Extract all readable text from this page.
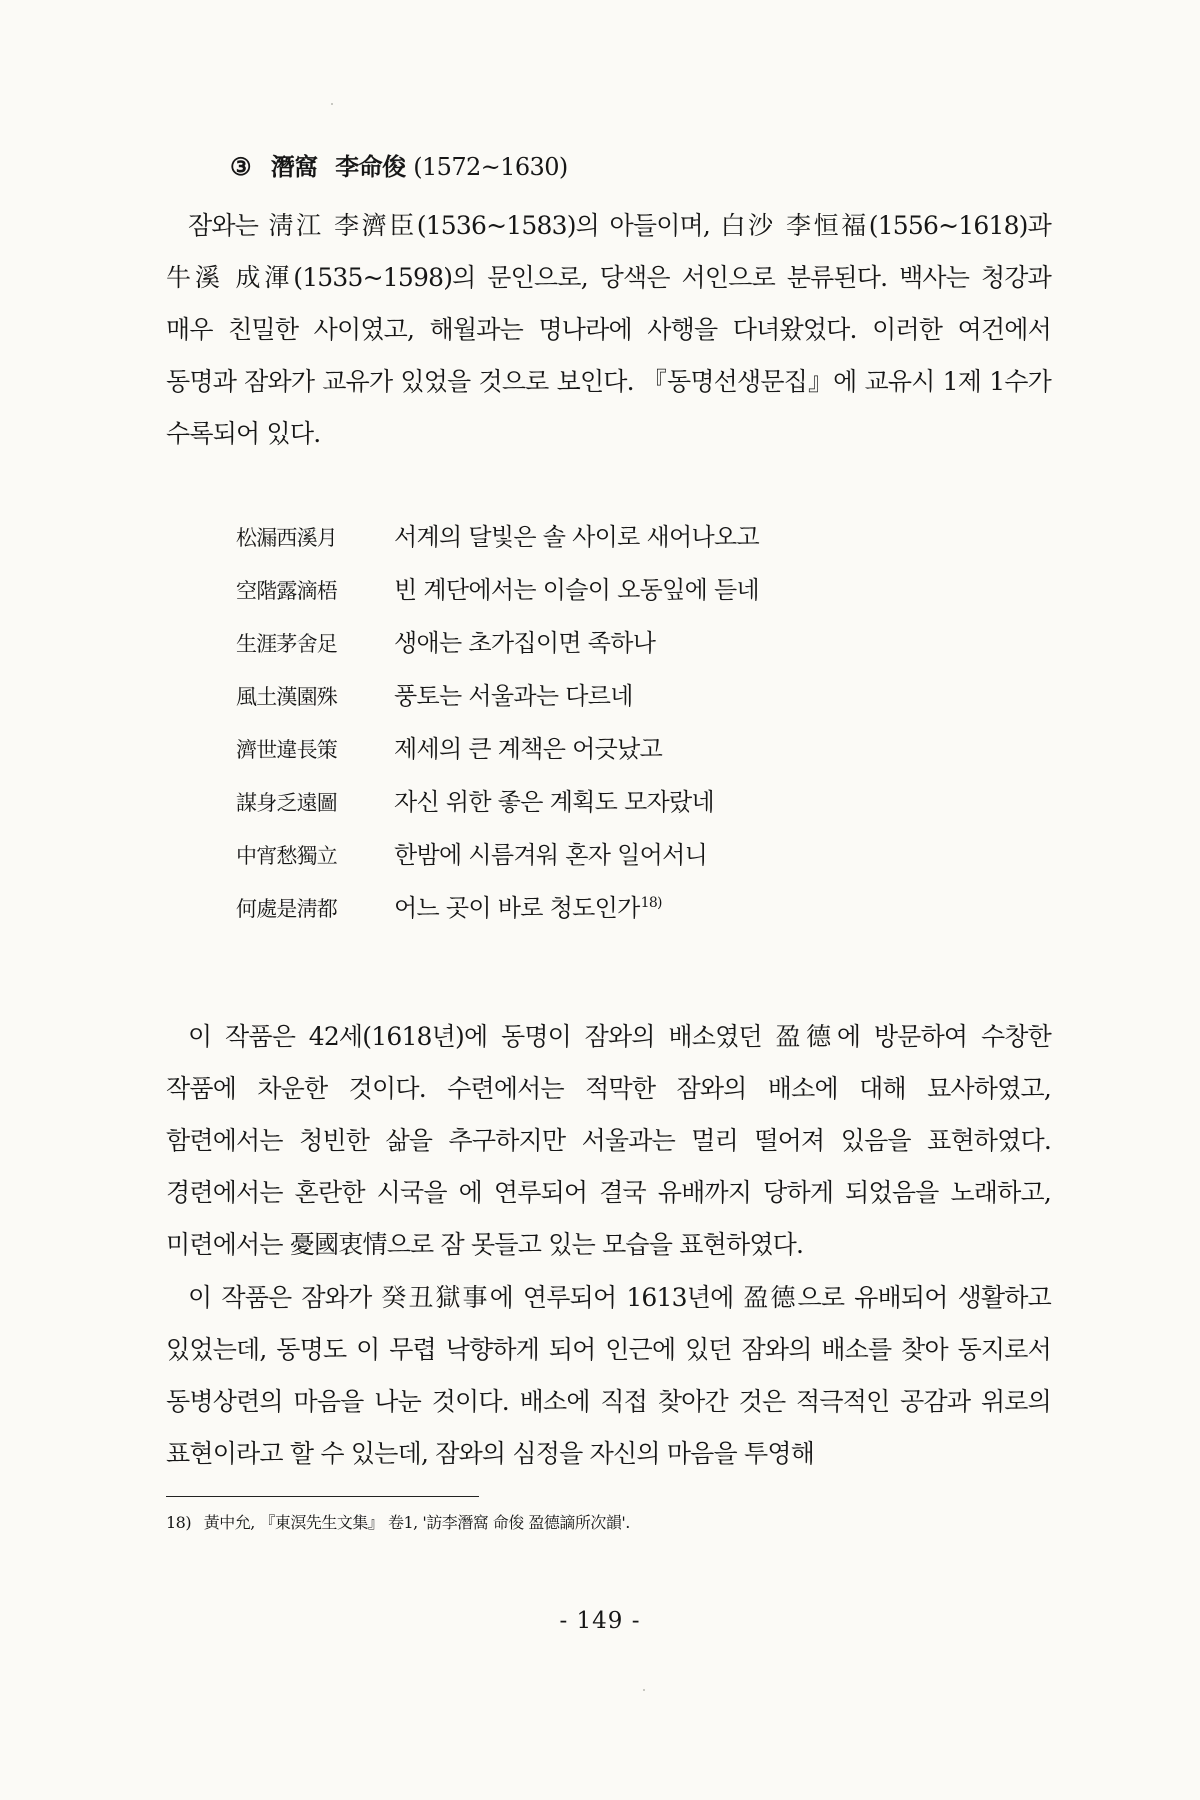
③ 潛窩 李命俊 (1572~1630)

잠와는 淸江 李濟臣(1536~1583)의 아들이며, 白沙 李恒福(1556~1618)과 牛溪 成渾(1535~1598)의 문인으로, 당색은 서인으로 분류된다. 백사는 청강과 매우 친밀한 사이였고, 해월과는 명나라에 사행을 다녀왔었다. 이러한 여건에서 동명과 잠와가 교유가 있었을 것으로 보인다. 『동명선생문집』에 교유시 1제 1수가 수록되어 있다.

松漏西溪月	서계의 달빛은 솔 사이로 새어나오고
空階露滴梧	빈 계단에서는 이슬이 오동잎에 듣네
生涯茅舍足	생애는 초가집이면 족하나
風土漢園殊	풍토는 서울과는 다르네
濟世違長策	제세의 큰 계책은 어긋났고
謀身乏遠圖	자신 위한 좋은 계획도 모자랐네
中宵愁獨立	한밤에 시름겨워 혼자 일어서니
何處是淸都	어느 곳이 바로 청도인가$^{18)}$

이 작품은 42세(1618년)에 동명이 잠와의 배소였던 盈德에 방문하여 수창한 작품에 차운한 것이다. 수련에서는 적막한 잠와의 배소에 대해 묘사하였고, 함련에서는 청빈한 삶을 추구하지만 서울과는 멀리 떨어져 있음을 표현하였다. 경련에서는 혼란한 시국을 에 연루되어 결국 유배까지 당하게 되었음을 노래하고, 미련에서는 憂國衷情으로 잠 못들고 있는 모습을 표현하였다.

이 작품은 잠와가 癸丑獄事에 연루되어 1613년에 盈德으로 유배되어 생활하고 있었는데, 동명도 이 무렵 낙향하게 되어 인근에 있던 잠와의 배소를 찾아 동지로서 동병상련의 마음을 나눈 것이다. 배소에 직접 찾아간 것은 적극적인 공감과 위로의 표현이라고 할 수 있는데, 잠와의 심정을 자신의 마음을 투영해

18) 黃中允, 『東溟先生文集』 卷1, '訪李潛窩 命俊 盈德謫所次韻'.
- 149 -
